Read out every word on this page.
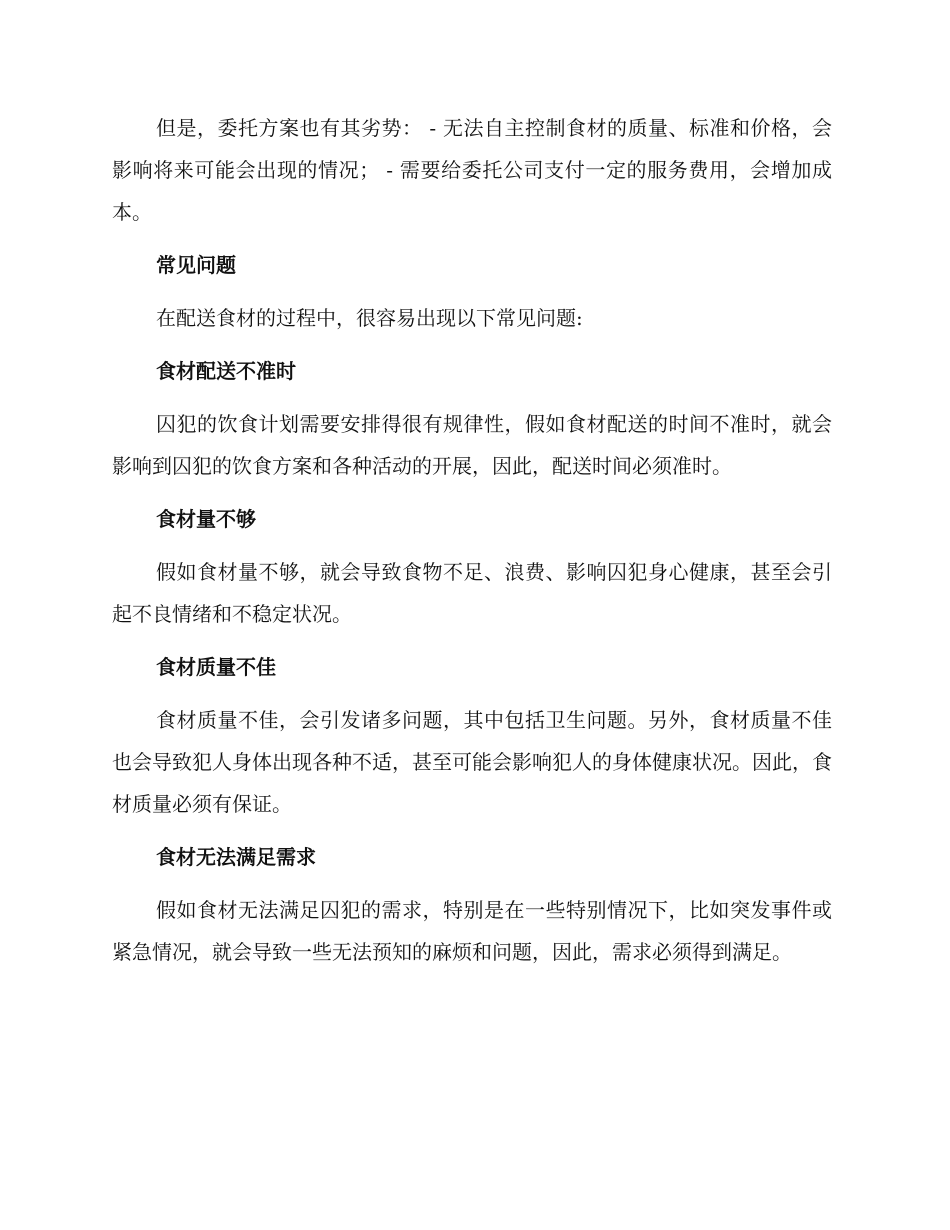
但是，委托方案也有其劣势： - 无法自主控制食材的质量、标准和价格，会影响将来可能会出现的情况； - 需要给委托公司支付一定的服务费用，会增加成本。

常见问题

在配送食材的过程中，很容易出现以下常见问题:

食材配送不准时

囚犯的饮食计划需要安排得很有规律性，假如食材配送的时间不准时，就会影响到囚犯的饮食方案和各种活动的开展，因此，配送时间必须准时。

食材量不够

假如食材量不够，就会导致食物不足、浪费、影响囚犯身心健康，甚至会引起不良情绪和不稳定状况。

食材质量不佳

食材质量不佳，会引发诸多问题，其中包括卫生问题。另外，食材质量不佳也会导致犯人身体出现各种不适，甚至可能会影响犯人的身体健康状况。因此，食材质量必须有保证。

食材无法满足需求

假如食材无法满足囚犯的需求，特别是在一些特别情况下，比如突发事件或紧急情况，就会导致一些无法预知的麻烦和问题，因此，需求必须得到满足。
